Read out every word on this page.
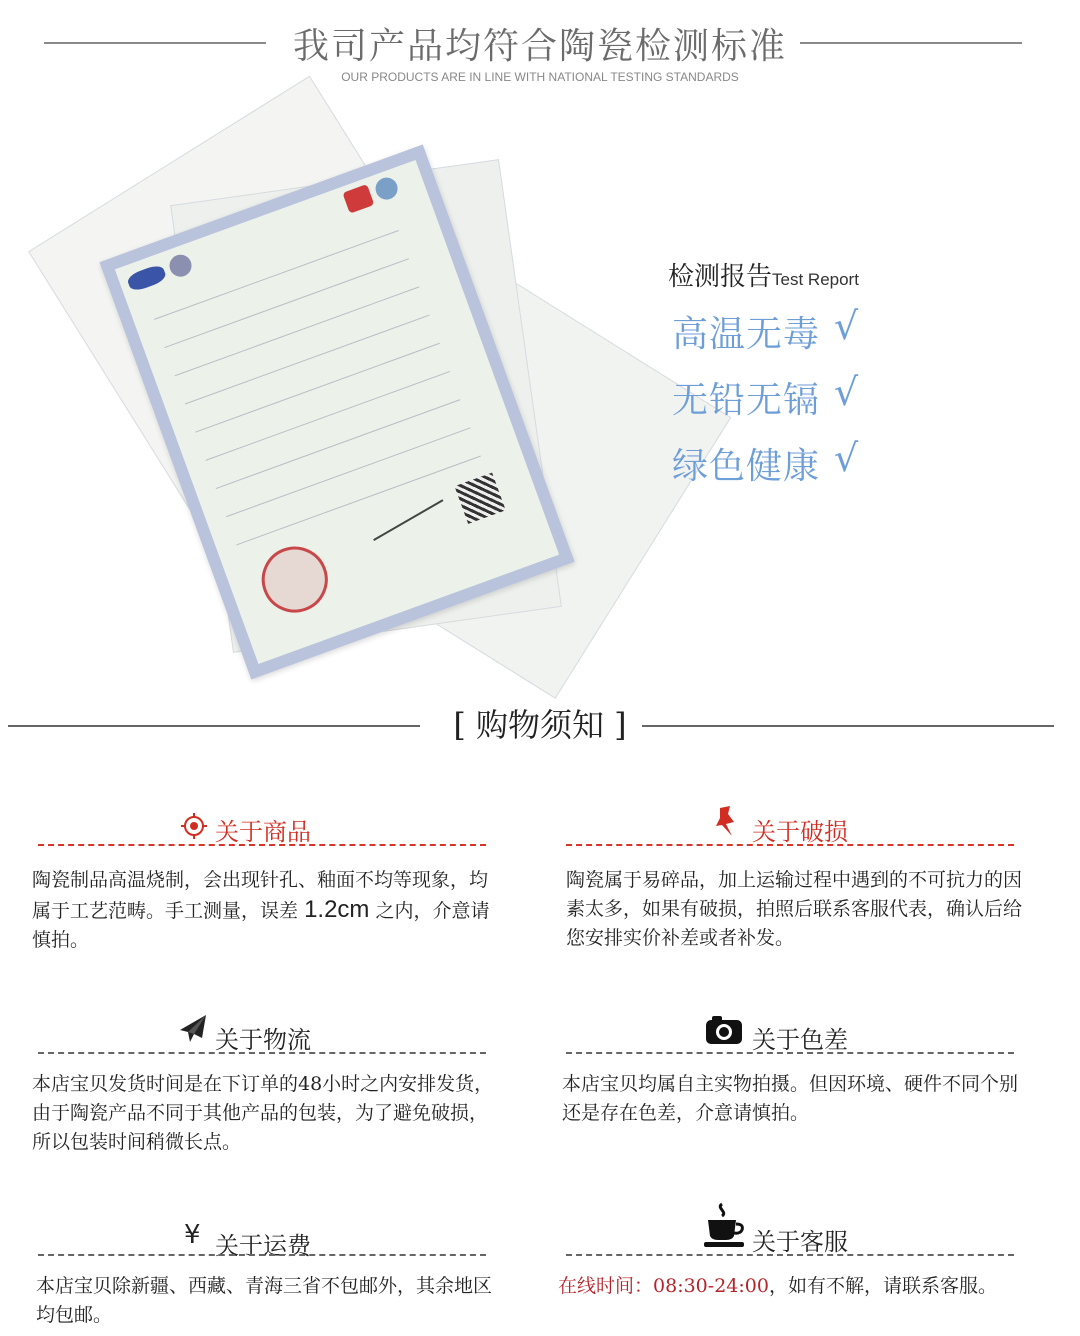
我司产品均符合陶瓷检测标准
OUR PRODUCTS ARE IN LINE WITH NATIONAL TESTING STANDARDS
检测报告Test Report
高温无毒 √
无铅无镉 √
绿色健康 √
[ 购物须知 ]
关于商品
陶瓷制品高温烧制，会出现针孔、釉面不均等现象，均属于工艺范畴。手工测量，误差 1.2cm 之内，介意请慎拍。
关于破损
陶瓷属于易碎品，加上运输过程中遇到的不可抗力的因素太多，如果有破损，拍照后联系客服代表，确认后给您安排实价补差或者补发。
关于物流
本店宝贝发货时间是在下订单的48小时之内安排发货，由于陶瓷产品不同于其他产品的包装，为了避免破损，所以包装时间稍微长点。
关于色差
本店宝贝均属自主实物拍摄。但因环境、硬件不同个别还是存在色差，介意请慎拍。
¥ 关于运费
本店宝贝除新疆、西藏、青海三省不包邮外，其余地区均包邮。
关于客服
在线时间：08:30-24:00，如有不解，请联系客服。
